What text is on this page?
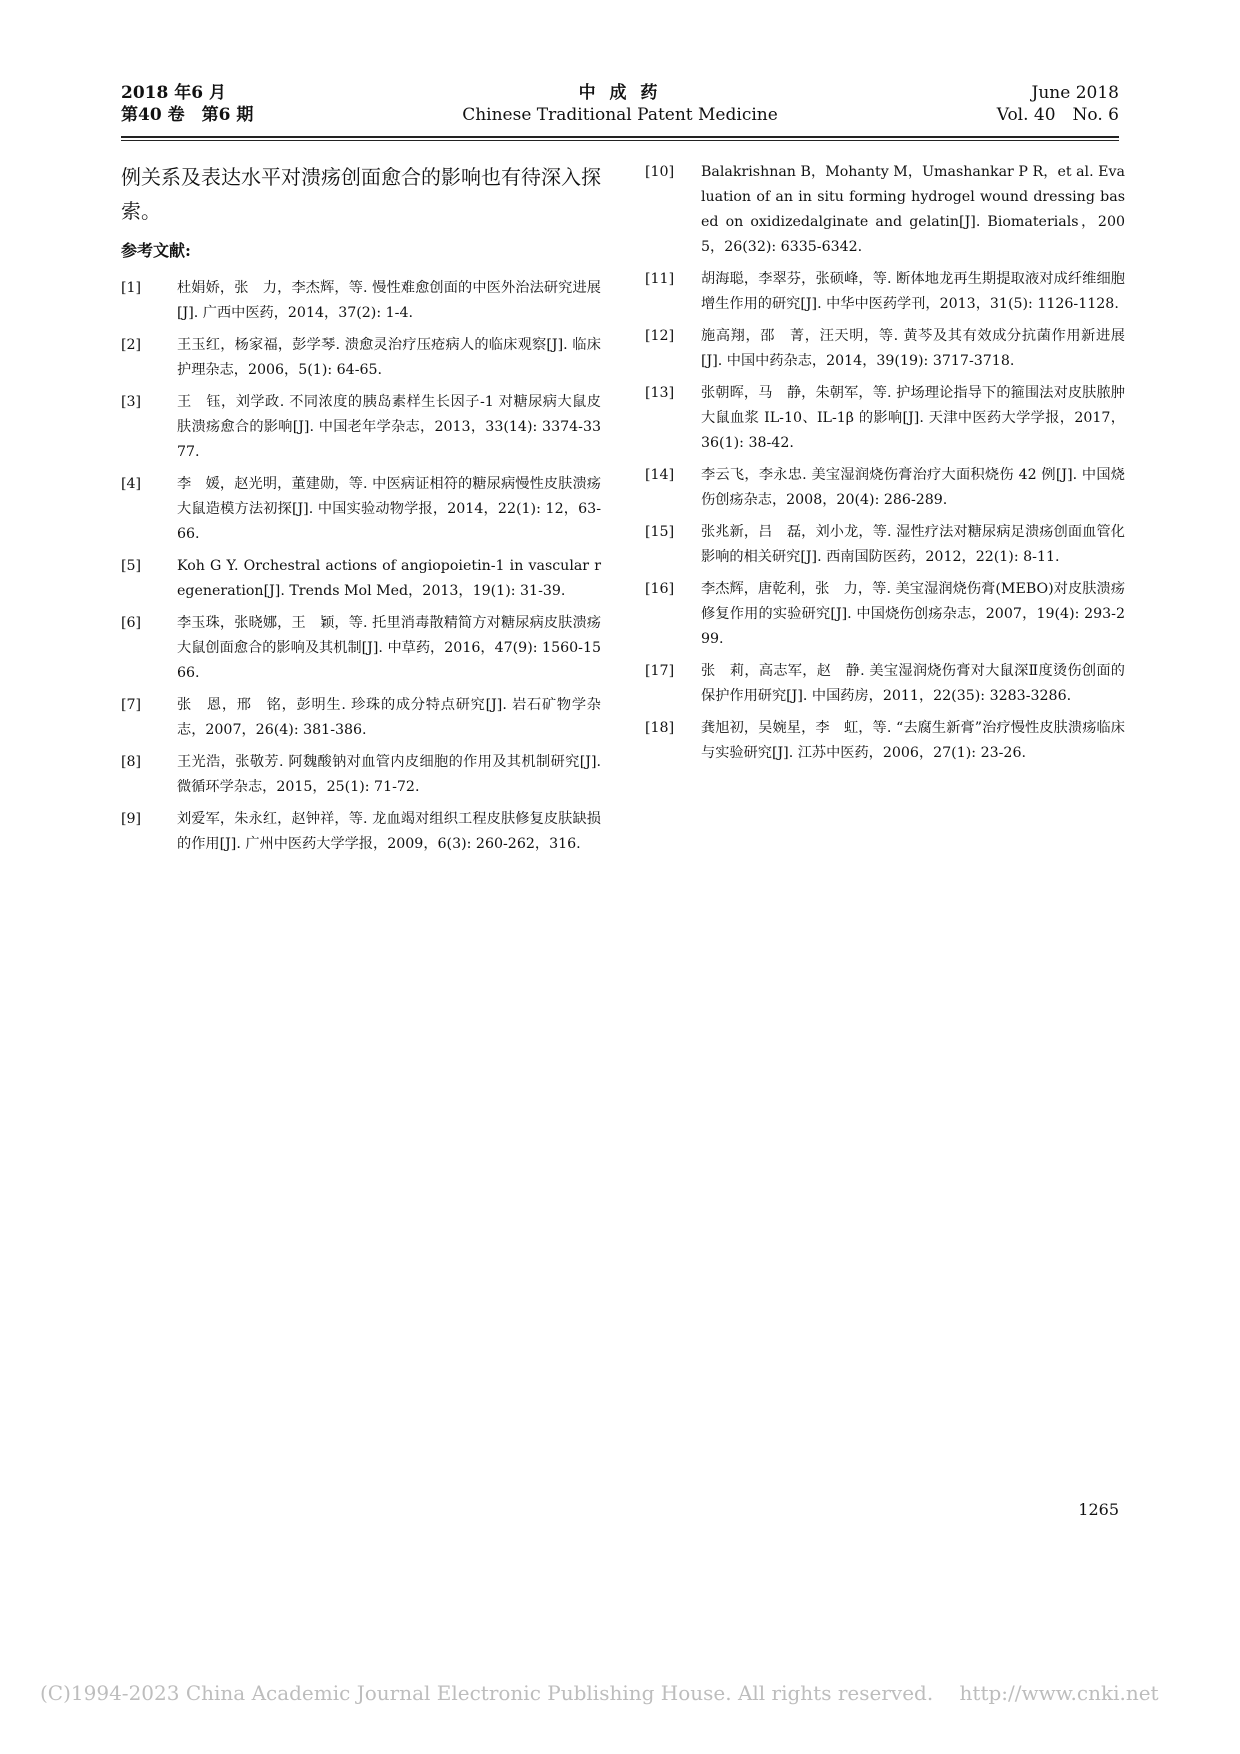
2018 年6 月
第40 卷　第6 期
中 成 药
Chinese Traditional Patent Medicine
June 2018
Vol. 40　No. 6

例关系及表达水平对溃疡创面愈合的影响也有待深入探索。

参考文献:
[1]	杜娟娇，张　力，李杰辉，等. 慢性难愈创面的中医外治法研究进展[J]. 广西中医药，2014，37(2): 1-4.
[2]	王玉红，杨家福，彭学琴. 溃愈灵治疗压疮病人的临床观察[J]. 临床护理杂志，2006，5(1): 64-65.
[3]	王　钰，刘学政. 不同浓度的胰岛素样生长因子-1 对糖尿病大鼠皮肤溃疡愈合的影响[J]. 中国老年学杂志，2013，33(14): 3374-3377.
[4]	李　媛，赵光明，董建勋，等. 中医病证相符的糖尿病慢性皮肤溃疡大鼠造模方法初探[J]. 中国实验动物学报，2014，22(1): 12，63-66.
[5]	Koh G Y. Orchestral actions of angiopoietin-1 in vascular regeneration[J]. Trends Mol Med，2013，19(1): 31-39.
[6]	李玉珠，张晓娜，王　颖，等. 托里消毒散精简方对糖尿病皮肤溃疡大鼠创面愈合的影响及其机制[J]. 中草药，2016，47(9): 1560-1566.
[7]	张　恩，邢　铭，彭明生. 珍珠的成分特点研究[J]. 岩石矿物学杂志，2007，26(4): 381-386.
[8]	王光浩，张敬芳. 阿魏酸钠对血管内皮细胞的作用及其机制研究[J]. 微循环学杂志，2015，25(1): 71-72.
[9]	刘爱军，朱永红，赵钟祥，等. 龙血竭对组织工程皮肤修复皮肤缺损的作用[J]. 广州中医药大学学报，2009，6(3): 260-262，316.
[10]	Balakrishnan B，Mohanty M，Umashankar P R，et al. Evaluation of an in situ forming hydrogel wound dressing based on oxidizedalginate and gelatin[J]. Biomaterials，2005，26(32): 6335-6342.
[11]	胡海聪，李翠芬，张硕峰，等. 断体地龙再生期提取液对成纤维细胞增生作用的研究[J]. 中华中医药学刊，2013，31(5): 1126-1128.
[12]	施高翔，邵　菁，汪天明，等. 黄芩及其有效成分抗菌作用新进展[J]. 中国中药杂志，2014，39(19): 3717-3718.
[13]	张朝晖，马　静，朱朝军，等. 护场理论指导下的箍围法对皮肤脓肿大鼠血浆 IL-10、IL-1β 的影响[J]. 天津中医药大学学报，2017，36(1): 38-42.
[14]	李云飞，李永忠. 美宝湿润烧伤膏治疗大面积烧伤 42 例[J]. 中国烧伤创疡杂志，2008，20(4): 286-289.
[15]	张兆新，吕　磊，刘小龙，等. 湿性疗法对糖尿病足溃疡创面血管化影响的相关研究[J]. 西南国防医药，2012，22(1): 8-11.
[16]	李杰辉，唐乾利，张　力，等. 美宝湿润烧伤膏(MEBO)对皮肤溃疡修复作用的实验研究[J]. 中国烧伤创疡杂志，2007，19(4): 293-299.
[17]	张　莉，高志军，赵　静. 美宝湿润烧伤膏对大鼠深Ⅱ度烫伤创面的保护作用研究[J]. 中国药房，2011，22(35): 3283-3286.
[18]	龚旭初，吴婉星，李　虹，等. “去腐生新膏”治疗慢性皮肤溃疡临床与实验研究[J]. 江苏中医药，2006，27(1): 23-26.
1265
(C)1994-2023 China Academic Journal Electronic Publishing House. All rights reserved.　 http://www.cnki.net
